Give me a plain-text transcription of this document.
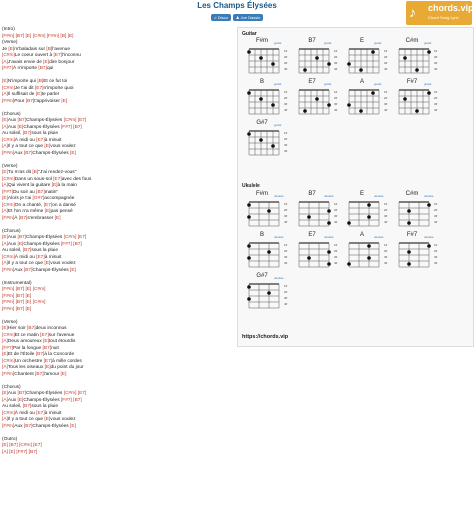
Les Champs Élysées
♫ Disco ♟ Joe Dassin	♪ chords.vip
Chord Song Lyric
(Intro)
[F#m] [B7] [E] [C#m] [F#m] [B] [E]
(Verse)
Je [E]m'baladais sur [B]l'avenue
[C#m]Le coeur ouvert à [E7]l'inconnu
[A]J'avais envie de [E]dire bonjour
[F#7]À n'importe [B7]qui
[E]N'importe qui [B]Et ce fut toi
[C#m]Je t'ai dit [E7]n'importe quoi
[A]Il suffisait de [E]te parler
[F#m]Pour [B7]t'apprivoiser [E]
(Chorus)
[E]Aux [B7]Champs-Élysées [C#m] [E7]
[A]Aux [E]Champs-Élysées [F#7] [B7]
Au soleil, [B7]sous la pluie
[C#m]À midi ou [E7]à minuit
[A]Il y a tout ce que [E]vous voulez
[F#m]Aux [B7]Champs-Élysées [E]
(Verse)
[E]Tu m'as dit [B]"J'ai rendez-vous"
[C#m]Dans un sous-sol [E7]avec des fous
[A]Qui vivent la guitare [E]à la main
[F#7]Du soir au [B7]matin"
[E]Alors je t'ai [G#7]accompagnée
[C#m]On a chanté, [E7]on a dansé
[A]Et l'on n'a même [E]pas pensé
[F#m]À [B7]s'embrasser [E]
(Chorus)
[E]Aux [B7]Champs-Élysées [C#m] [E7]
[A]Aux [E]Champs-Élysées [F#7] [B7]
Au soleil, [B7]sous la pluie
[C#m]À midi ou [E7]à minuit
[A]Il y a tout ce que [E]vous voulez
[F#m]Aux [B7]Champs-Élysées [E]
(Instrumental)
[F#m] [B7] [E] [C#m]
[F#m] [B7] [E]
[F#m] [B7] [E] [C#m]
[F#m] [B7] [E]
(Verse)
[E]Hier soir [B7]deux inconnus
[C#m]Et ce matin [E7]sur l'avenue
[A]Deux amoureux [E]tout étourdis
[F#7]Par la longue [B7]nuit
[E]Et de l'Étoile [B7]à la Concorde
[C#m]Un orchestre [E7]à mille cordes
[A]Tous les oiseaux [E]du point du jour
[F#m]Chantent [B7]l'amour [E]
(Chorus)
[E]Aux [B7]Champs-Élysées [C#m] [E7]
[A]Aux [E]Champs-Élysées [F#7] [B7]
Au soleil, [B7]sous la pluie
[C#m]À midi ou [E7]à minuit
[A]Il y a tout ce que [E]vous voulez
[F#m]Aux [B7]Champs-Élysées [E]
(Outro)
[E] [B7] [C#m] [E7]
[A] [E] [F#7] [B7]
Guitar
F#m	guitar
1fr
2fr
3fr
4fr
B7	guitar
1fr
2fr
3fr
4fr
E	guitar
1fr
2fr
3fr
4fr
C#m	guitar
1fr
2fr
3fr
4fr
B	guitar
1fr
2fr
3fr
4fr
E7	guitar
1fr
2fr
3fr
4fr
A	guitar
1fr
2fr
3fr
4fr
F#7	guitar
1fr
2fr
3fr
4fr
G#7	guitar
1fr
2fr
3fr
4fr
Ukulele
F#m	ukulele
1fr
2fr
3fr
4fr
B7	ukulele
1fr
2fr
3fr
4fr
E	ukulele
1fr
2fr
3fr
4fr
C#m	ukulele
1fr
2fr
3fr
4fr
B	ukulele
1fr
2fr
3fr
4fr
E7	ukulele
1fr
2fr
3fr
4fr
A	ukulele
1fr
2fr
3fr
4fr
F#7	ukulele
1fr
2fr
3fr
4fr
G#7	ukulele
1fr
2fr
3fr
4fr
https://chords.vip
